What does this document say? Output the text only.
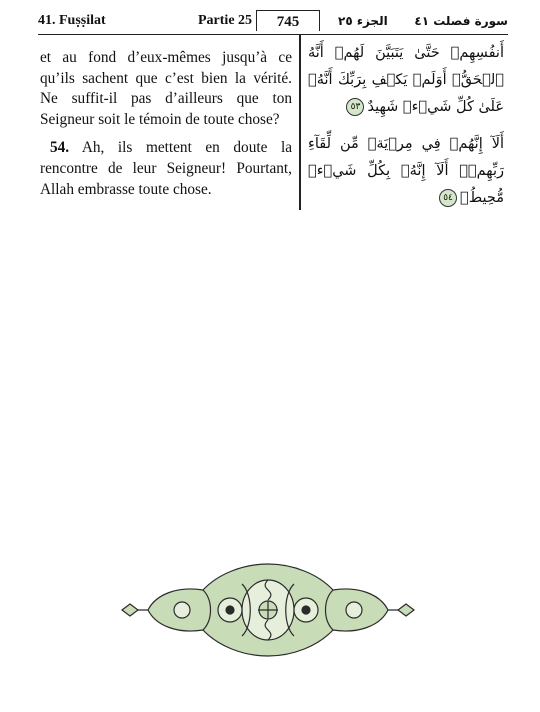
41. Fuṣṣilat	Partie 25	745	الجزء ٢٥ سورة فصلت ٤١

et au fond d’eux-mêmes jusqu’à ce qu’ils sachent que c’est bien la vérité. Ne suffit-il pas d’ailleurs que ton Seigneur soit le témoin de toute chose?

54. Ah, ils mettent en doute la rencontre de leur Seigneur! Pourtant, Allah embrasse toute chose.

أَنفُسِهِمۡ حَتَّىٰ يَتَبَيَّنَ لَهُمۡ أَنَّهُ ٱلۡحَقُّۗ أَوَلَمۡ يَكۡفِ بِرَبِّكَ أَنَّهُۥ عَلَىٰ كُلِّ شَيۡءٖ شَهِيدٌ٥٣

أَلَآ إِنَّهُمۡ فِي مِرۡيَةٖ مِّن لِّقَآءِ رَبِّهِمۡۗ أَلَآ إِنَّهُۥ بِكُلِّ شَيۡءٖ مُّحِيطُۢ٥٤
